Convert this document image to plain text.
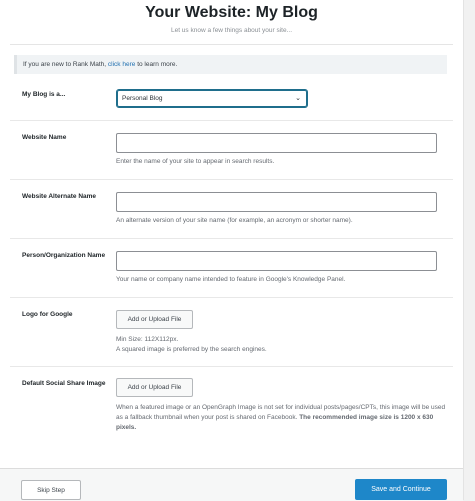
Your Website: My Blog
Let us know a few things about your site...
If you are new to Rank Math, click here to learn more.
My Blog is a...
Personal Blog	⌄
Website Name
Enter the name of your site to appear in search results.
Website Alternate Name
An alternate version of your site name (for example, an acronym or shorter name).
Person/Organization Name
Your name or company name intended to feature in Google's Knowledge Panel.
Logo for Google
Add or Upload File
Min Size: 112X112px.
A squared image is preferred by the search engines.
Default Social Share Image
Add or Upload File
When a featured image or an OpenGraph Image is not set for individual posts/pages/CPTs, this image will be used as a fallback thumbnail when your post is shared on Facebook. The recommended image size is 1200 x 630 pixels.
Skip Step	Save and Continue
